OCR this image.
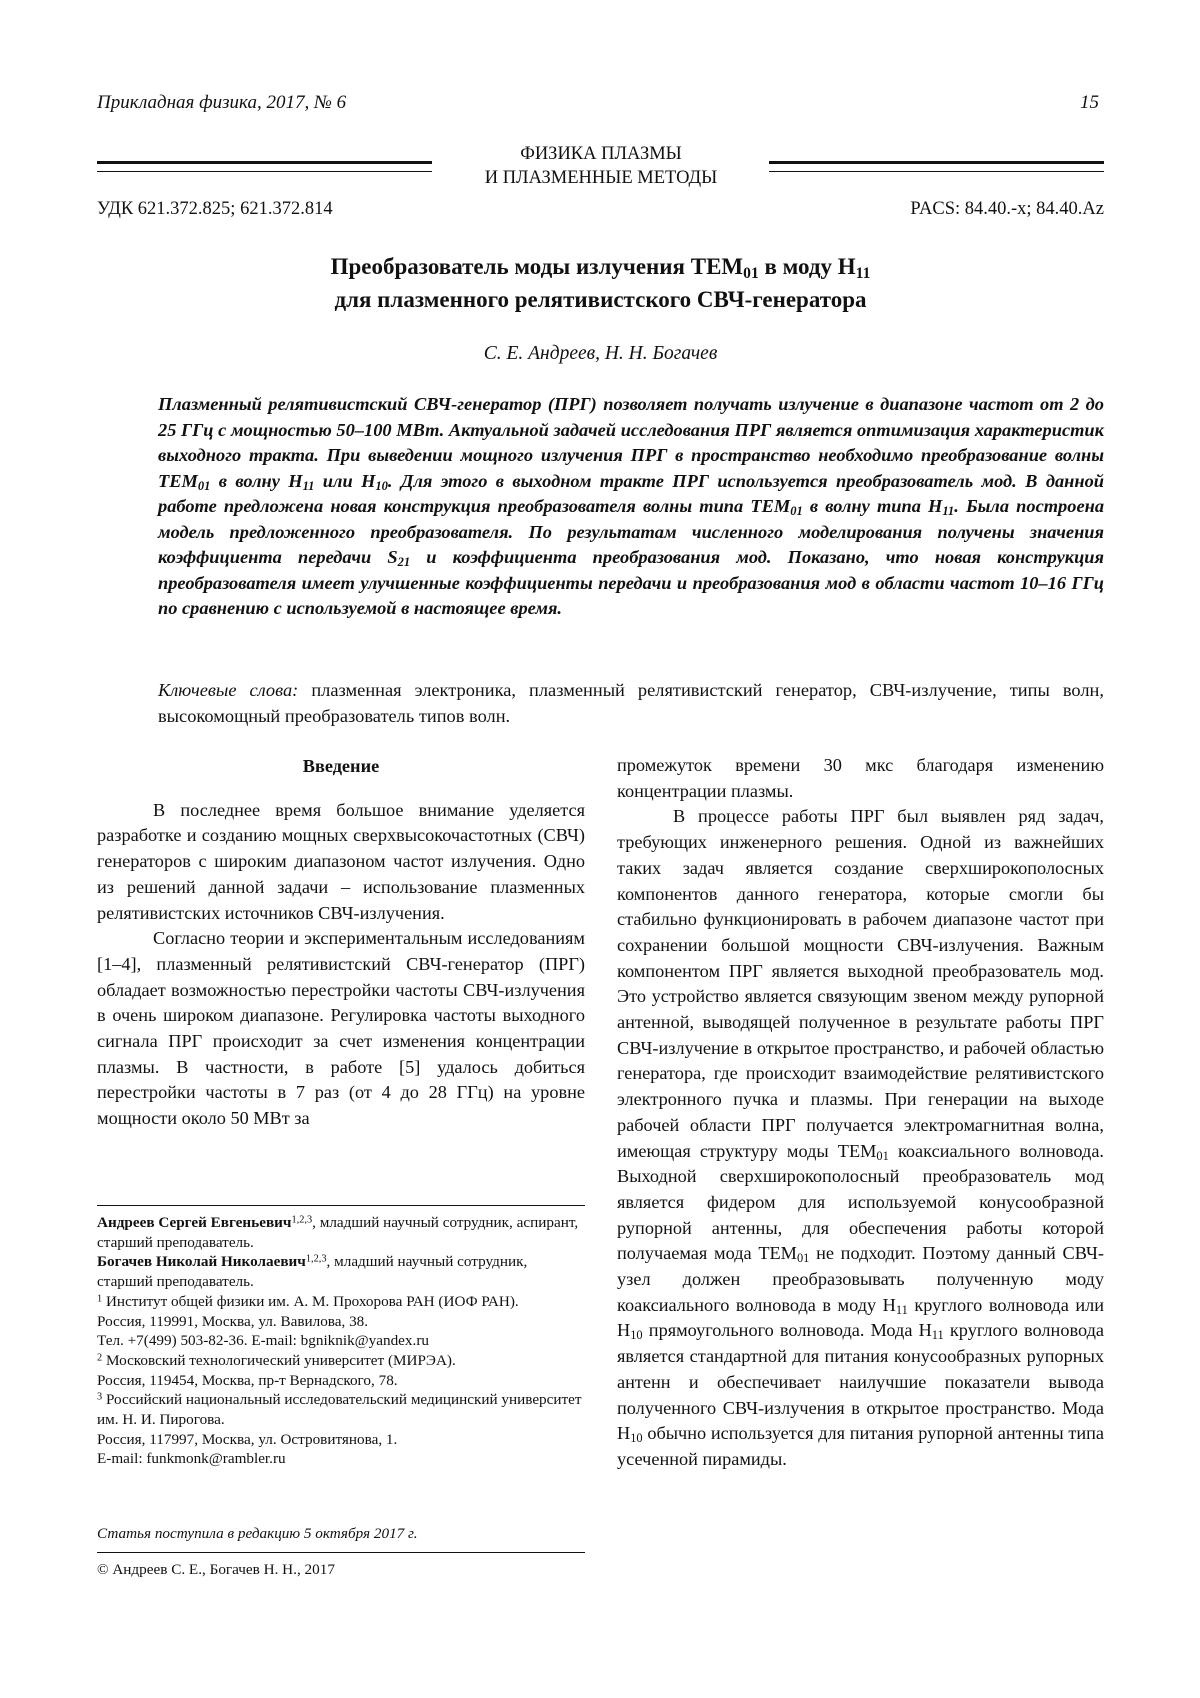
Прикладная физика, 2017, № 6	15
ФИЗИКА ПЛАЗМЫ
И ПЛАЗМЕННЫЕ МЕТОДЫ
УДК 621.372.825; 621.372.814	PACS: 84.40.-x; 84.40.Az
Преобразователь моды излучения $ТЕМ_{01}$ в моду $H_{11}$
для плазменного релятивистского СВЧ-генератора
С. Е. Андреев, Н. Н. Богачев
Плазменный релятивистский СВЧ-генератор (ПРГ) позволяет получать излучение в диапазоне частот от 2 до 25 ГГц с мощностью 50–100 МВт. Актуальной задачей исследования ПРГ является оптимизация характеристик выходного тракта. При выведении мощного излучения ПРГ в пространство необходимо преобразование волны $ТЕМ_{01}$ в волну $Н_{11}$ или $Н_{10}$. Для этого в выходном тракте ПРГ используется преобразователь мод. В данной работе предложена новая конструкция преобразователя волны типа $ТЕМ_{01}$ в волну типа $Н_{11}$. Была построена модель предложенного преобразователя. По результатам численного моделирования получены значения коэффициента передачи $S_{21}$ и коэффициента преобразования мод. Показано, что новая конструкция преобразователя имеет улучшенные коэффициенты передачи и преобразования мод в области частот 10–16 ГГц по сравнению с используемой в настоящее время.
Ключевые слова: плазменная электроника, плазменный релятивистский генератор, СВЧ-излучение, типы волн, высокомощный преобразователь типов волн.

Введение

В последнее время большое внимание уделяется разработке и созданию мощных сверхвысокочастотных (СВЧ) генераторов с широким диапазоном частот излучения. Одно из решений данной задачи – использование плазменных релятивистских источников СВЧ-излучения.

Согласно теории и экспериментальным исследованиям [1–4], плазменный релятивистский СВЧ-генератор (ПРГ) обладает возможностью перестройки частоты СВЧ-излучения в очень широком диапазоне. Регулировка частоты выходного сигнала ПРГ происходит за счет изменения концентрации плазмы. В частности, в работе [5] удалось добиться перестройки частоты в 7 раз (от 4 до 28 ГГц) на уровне мощности около 50 МВт за

промежуток времени 30 мкс благодаря изменению концентрации плазмы.

В процессе работы ПРГ был выявлен ряд задач, требующих инженерного решения. Одной из важнейших таких задач является создание сверхширокополосных компонентов данного генератора, которые смогли бы стабильно функционировать в рабочем диапазоне частот при сохранении большой мощности СВЧ-излучения. Важным компонентом ПРГ является выходной преобразователь мод. Это устройство является связующим звеном между рупорной антенной, выводящей полученное в результате работы ПРГ СВЧ-излучение в открытое пространство, и рабочей областью генератора, где происходит взаимодействие релятивистского электронного пучка и плазмы. При генерации на выходе рабочей области ПРГ получается электромагнитная волна, имеющая структуру моды $ТЕМ_{01}$ коаксиального волновода. Выходной сверхширокополосный преобразователь мод является фидером для используемой конусообразной рупорной антенны, для обеспечения работы которой получаемая мода $ТЕМ_{01}$ не подходит. Поэтому данный СВЧ-узел должен преобразовывать полученную моду коаксиального волновода в моду $Н_{11}$ круглого волновода или $Н_{10}$ прямоугольного волновода. Мода $Н_{11}$ круглого волновода является стандартной для питания конусообразных рупорных антенн и обеспечивает наилучшие показатели вывода полученного СВЧ-излучения в открытое пространство. Мода $Н_{10}$ обычно используется для питания рупорной антенны типа усеченной пирамиды.

Андреев Сергей Евгеньевич$^{1,2,3}$, младший научный сотрудник, аспирант, старший преподаватель.
Богачев Николай Николаевич$^{1,2,3}$, младший научный сотрудник, старший преподаватель.
$^1$ Институт общей физики им. А. М. Прохорова РАН (ИОФ РАН).
Россия, 119991, Москва, ул. Вавилова, 38.
Тел. +7(499) 503-82-36. E-mail: bgniknik@yandex.ru
$^2$ Московский технологический университет (МИРЭА).
Россия, 119454, Москва, пр-т Вернадского, 78.
$^3$ Российский национальный исследовательский медицинский университет им. Н. И. Пирогова.
Россия, 117997, Москва, ул. Островитянова, 1.
E-mail: funkmonk@rambler.ru
Статья поступила в редакцию 5 октября 2017 г.
© Андреев С. Е., Богачев Н. Н., 2017
